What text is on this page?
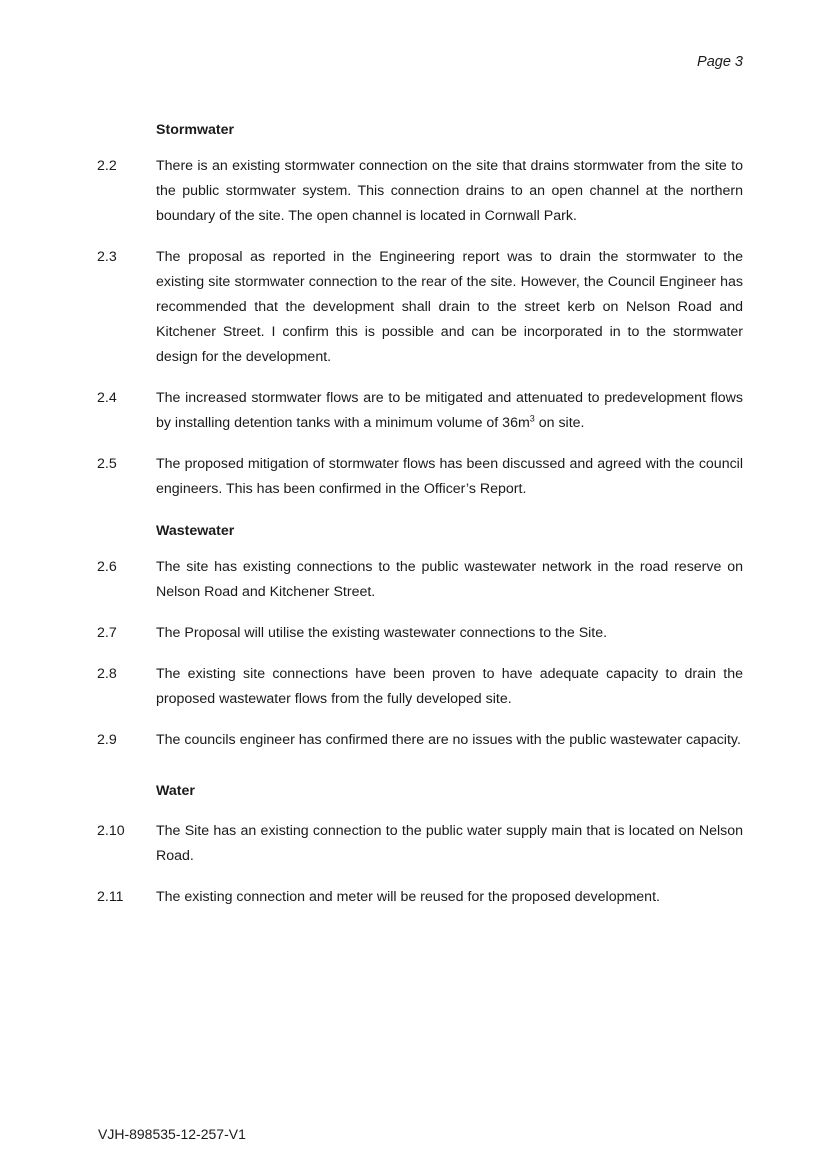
Page 3
Stormwater
2.2	There is an existing stormwater connection on the site that drains stormwater from the site to the public stormwater system. This connection drains to an open channel at the northern boundary of the site. The open channel is located in Cornwall Park.
2.3	The proposal as reported in the Engineering report was to drain the stormwater to the existing site stormwater connection to the rear of the site. However, the Council Engineer has recommended that the development shall drain to the street kerb on Nelson Road and Kitchener Street. I confirm this is possible and can be incorporated in to the stormwater design for the development.
2.4	The increased stormwater flows are to be mitigated and attenuated to predevelopment flows by installing detention tanks with a minimum volume of $36m^3$ on site.
2.5	The proposed mitigation of stormwater flows has been discussed and agreed with the council engineers. This has been confirmed in the Officer’s Report.
Wastewater
2.6	The site has existing connections to the public wastewater network in the road reserve on Nelson Road and Kitchener Street.
2.7	The Proposal will utilise the existing wastewater connections to the Site.
2.8	The existing site connections have been proven to have adequate capacity to drain the proposed wastewater flows from the fully developed site.
2.9	The councils engineer has confirmed there are no issues with the public wastewater capacity.
Water
2.10	The Site has an existing connection to the public water supply main that is located on Nelson Road.
2.11	The existing connection and meter will be reused for the proposed development.
VJH-898535-12-257-V1
